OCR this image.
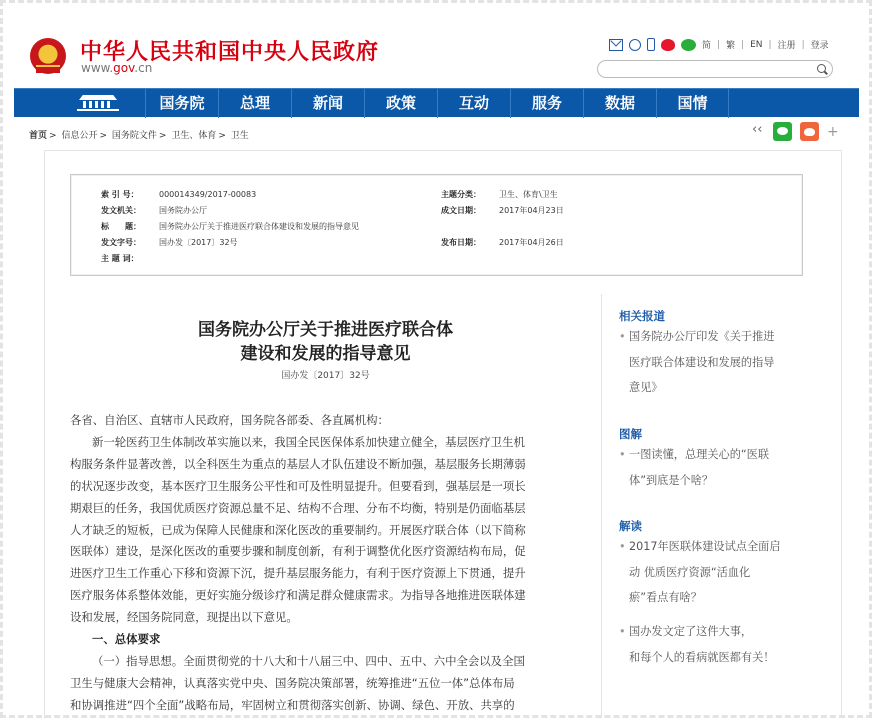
中华人民共和国中央人民政府
www.gov.cn
简 | 繁 | EN | 注册 | 登录
国务院	总理	新闻	政策	互动	服务	数据	国情
首页 > 信息公开 > 国务院文件 > 卫生、体育 > 卫生
‹‹	+
索 引 号：	000014349/2017-00083	主题分类： 卫生、体育\卫生
发文机关： 国务院办公厅	成文日期： 2017年04月23日
标　　题： 国务院办公厅关于推进医疗联合体建设和发展的指导意见
发文字号： 国办发〔2017〕32号	发布日期： 2017年04月26日
主 题 词：
国务院办公厅关于推进医疗联合体
建设和发展的指导意见
国办发〔2017〕32号

各省、自治区、直辖市人民政府，国务院各部委、各直属机构：

新一轮医药卫生体制改革实施以来，我国全民医保体系加快建立健全，基层医疗卫生机

构服务条件显著改善，以全科医生为重点的基层人才队伍建设不断加强，基层服务长期薄弱

的状况逐步改变，基本医疗卫生服务公平性和可及性明显提升。但要看到，强基层是一项长

期艰巨的任务，我国优质医疗资源总量不足、结构不合理、分布不均衡，特别是仍面临基层

人才缺乏的短板，已成为保障人民健康和深化医改的重要制约。开展医疗联合体（以下简称

医联体）建设，是深化医改的重要步骤和制度创新，有利于调整优化医疗资源结构布局，促

进医疗卫生工作重心下移和资源下沉，提升基层服务能力，有利于医疗资源上下贯通，提升

医疗服务体系整体效能，更好实施分级诊疗和满足群众健康需求。为指导各地推进医联体建

设和发展，经国务院同意，现提出以下意见。

一、总体要求

（一）指导思想。全面贯彻党的十八大和十八届三中、四中、五中、六中全会以及全国

卫生与健康大会精神，认真落实党中央、国务院决策部署，统筹推进“五位一体”总体布局

和协调推进“四个全面”战略布局，牢固树立和贯彻落实创新、协调、绿色、开放、共享的

相关报道
• 国务院办公厅印发《关于推进
医疗联合体建设和发展的指导
意见》
图解
• 一图读懂，总理关心的“医联
体”到底是个啥？
解读
• 2017年医联体建设试点全面启
动 优质医疗资源“活血化
瘀”看点有啥？
• 国办发文定了这件大事，
和每个人的看病就医都有关！
